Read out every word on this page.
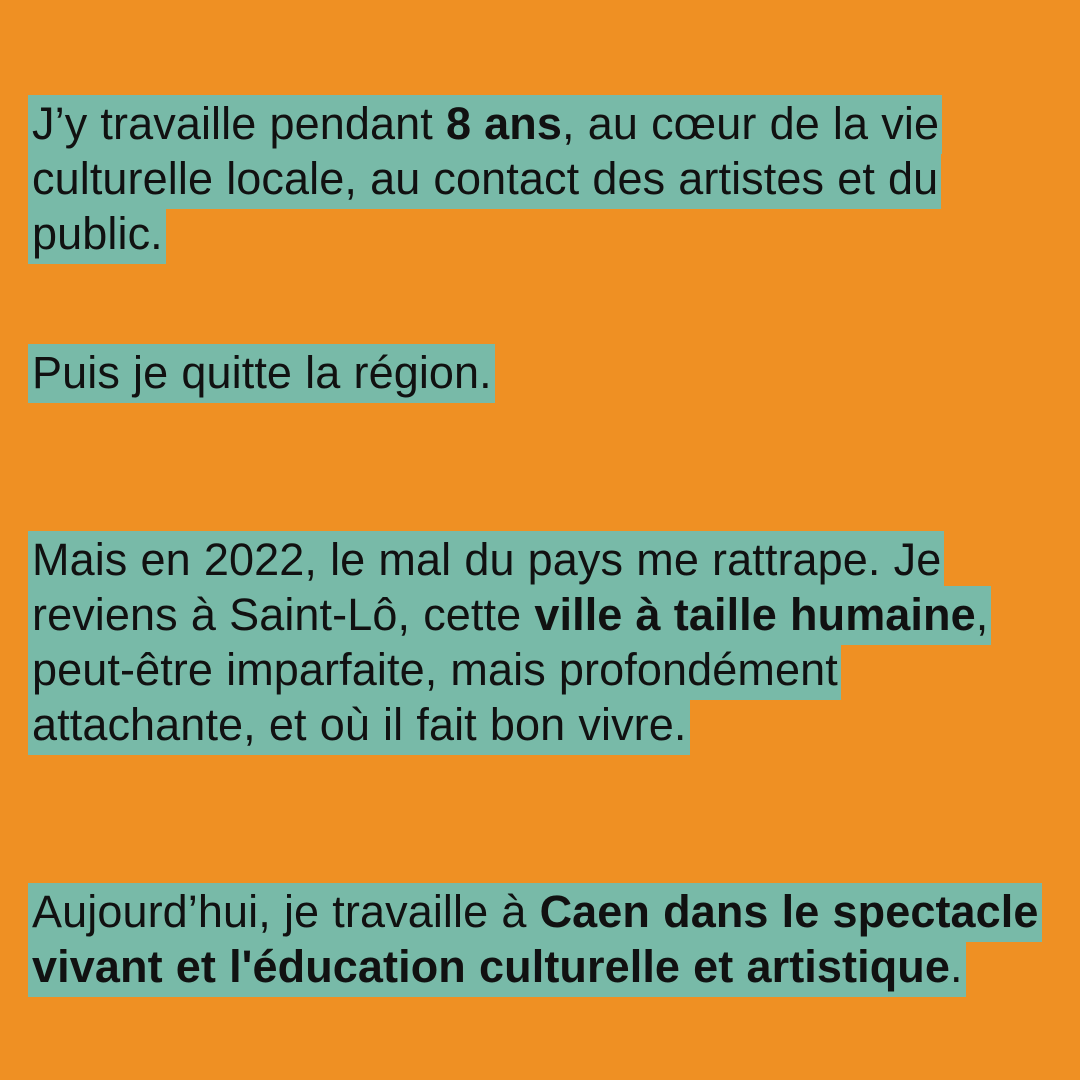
J’y travaille pendant 8 ans, au cœur de la vie culturelle locale, au contact des artistes et du public.

Puis je quitte la région.

Mais en 2022, le mal du pays me rattrape. Je reviens à Saint-Lô, cette ville à taille humaine, peut-être imparfaite, mais profondément attachante, et où il fait bon vivre.

Aujourd’hui, je travaille à Caen dans le spectacle vivant et l'éducation culturelle et artistique.
